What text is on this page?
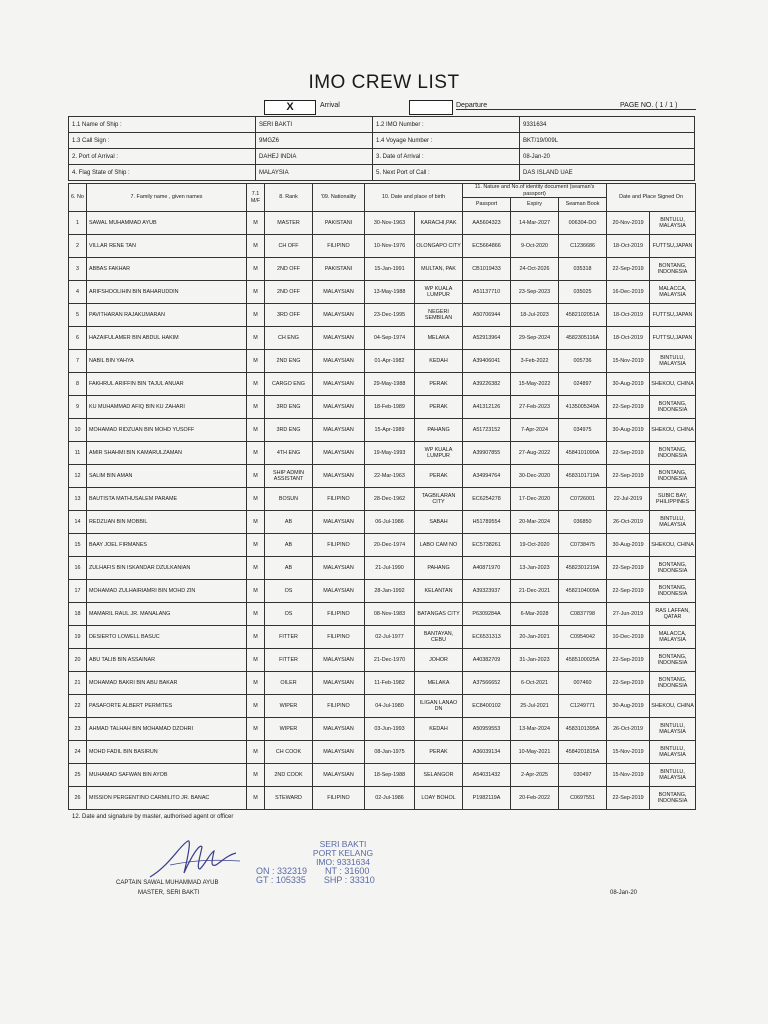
IMO CREW LIST
X	Arrival	Departure	PAGE NO. ( 1 / 1 )
1.1 Name of Ship :	SERI BAKTI	1.2 IMO Number :	9331634
1.3 Call Sign :	9MGZ6	1.4 Voyage Number :	BKT/19/009L
2. Port of Arrival :	DAHEJ INDIA	3. Date of Arrival :	08-Jan-20
4. Flag State of Ship :	MALAYSIA	5. Next Port of Call :	DAS ISLAND UAE
6. No	7. Family name , given names	7.1 M/F	8. Rank	'09. Nationality	10. Date and place of birth		11. Nature and No.of identity document (seaman's passport)			Date and Place Signed On	
							Passport	Expiry	Seaman Book		
1	SAWAL MUHAMMAD AYUB	M	MASTER	PAKISTANI	30-Nov-1963	KARACHI,PAK	AA5604323	14-Mar-2027	006304-DO	20-Nov-2019	BINTULU, MALAYSIA
2	VILLAR RENE TAN	M	CH OFF	FILIPINO	10-Nov-1976	OLONGAPO CITY	EC5664866	9-Oct-2020	C1236686	18-Oct-2019	FUTTSU,JAPAN
3	ABBAS FAKHAR	M	2ND OFF	PAKISTANI	15-Jan-1991	MULTAN, PAK	CB1019433	24-Oct-2026	035318	22-Sep-2019	BONTANG, INDONESIA
4	ARIFSHOOLIHIN BIN BAHARUDDIN	M	2ND OFF	MALAYSIAN	13-May-1988	WP KUALA LUMPUR	A51137710	23-Sep-2023	035025	16-Dec-2019	MALACCA, MALAYSIA
5	PAVITHARAN RAJAKUMARAN	M	3RD OFF	MALAYSIAN	23-Dec-1995	NEGERI SEMBILAN	A50706944	18-Jul-2023	4582102051A	18-Oct-2019	FUTTSU,JAPAN
6	HAZAIFULAMER BIN ABDUL HAKIM	M	CH ENG	MALAYSIAN	04-Sep-1974	MELAKA	A52913964	29-Sep-2024	4582305116A	18-Oct-2019	FUTTSU,JAPAN
7	NABIL BIN YAHYA	M	2ND ENG	MALAYSIAN	01-Apr-1982	KEDAH	A39406041	3-Feb-2022	005736	15-Nov-2019	BINTULU, MALAYSIA
8	FAKHRUL ARIFFIN BIN TAJUL ANUAR	M	CARGO ENG	MALAYSIAN	29-May-1988	PERAK	A39226382	15-May-2022	024897	30-Aug-2019	SHEKOU, CHINA
9	KU MUHAMMAD AFIQ BIN KU ZAHARI	M	3RD ENG	MALAYSIAN	18-Feb-1989	PERAK	A41312126	27-Feb-2023	4135005349A	22-Sep-2019	BONTANG, INDONESIA
10	MOHAMAD RIDZUAN BIN MOHD YUSOFF	M	3RD ENG	MALAYSIAN	15-Apr-1989	PAHANG	A51723152	7-Apr-2024	034975	30-Aug-2019	SHEKOU, CHINA
11	AMIR SHAHMI BIN KAMARULZAMAN	M	4TH ENG	MALAYSIAN	19-May-1993	WP KUALA LUMPUR	A39907855	27-Aug-2022	4584101090A	22-Sep-2019	BONTANG, INDONESIA
12	SALIM BIN AMAN	M	SHIP ADMIN ASSISTANT	MALAYSIAN	22-Mar-1963	PERAK	A34994764	30-Dec-2020	4583101719A	22-Sep-2019	BONTANG, INDONESIA
13	BAUTISTA MATHUSALEM PARAME	M	BOSUN	FILIPINO	28-Dec-1962	TAGBILARAN CITY	EC6254278	17-Dec-2020	C0726001	22-Jul-2019	SUBIC BAY, PHILIPPINES
14	REDZUAN BIN MOBBIL	M	AB	MALAYSIAN	06-Jul-1986	SABAH	H51789554	20-Mar-2024	036850	26-Oct-2019	BINTULU, MALAYSIA
15	BAAY JOEL FIRMANES	M	AB	FILIPINO	20-Dec-1974	LABO CAM NO	EC5738261	19-Oct-2020	C0738475	30-Aug-2019	SHEKOU, CHINA
16	ZULHAFIS BIN ISKANDAR DZULKANIAN	M	AB	MALAYSIAN	21-Jul-1990	PAHANG	A40871970	13-Jan-2023	4582301219A	22-Sep-2019	BONTANG, INDONESIA
17	MOHAMAD ZULHAIRIAMRI BIN MOHD ZIN	M	OS	MALAYSIAN	28-Jan-1992	KELANTAN	A39323937	21-Dec-2021	4582104009A	22-Sep-2019	BONTANG, INDONESIA
18	MAMARIL RAUL JR. MANALANG	M	OS	FILIPINO	08-Nov-1983	BATANGAS CITY	P6309284A	6-Mar-2028	C0837798	27-Jun-2019	RAS LAFFAN, QATAR
19	DESIERTO LOWELL BASUC	M	FITTER	FILIPINO	02-Jul-1977	BANTAYAN, CEBU	EC6531313	20-Jan-2021	C0954042	10-Dec-2019	MALACCA, MALAYSIA
20	ABU TALIB BIN ASSAINAR	M	FITTER	MALAYSIAN	21-Dec-1970	JOHOR	A40382709	31-Jan-2023	4585100025A	22-Sep-2019	BONTANG, INDONESIA
21	MOHAMAD BAKRI BIN ABU BAKAR	M	OILER	MALAYSIAN	11-Feb-1982	MELAKA	A37566652	6-Oct-2021	007460	22-Sep-2019	BONTANG, INDONESIA
22	PASAFORTE ALBERT PERMITES	M	WIPER	FILIPINO	04-Jul-1980	ILIGAN LANAO DN	EC8400102	25-Jul-2021	C1249771	30-Aug-2019	SHEKOU, CHINA
23	AHMAD TALHAH BIN MOHAMAD DZOHRI	M	WIPER	MALAYSIAN	03-Jun-1993	KEDAH	A50959553	13-Mar-2024	4583101395A	26-Oct-2019	BINTULU, MALAYSIA
24	MOHD FADIL BIN BASIRUN	M	CH COOK	MALAYSIAN	08-Jan-1975	PERAK	A36039134	10-May-2021	4584201815A	15-Nov-2019	BINTULU, MALAYSIA
25	MUHAMAD SAFWAN BIN AYOB	M	2ND COOK	MALAYSIAN	18-Sep-1988	SELANGOR	A54031432	2-Apr-2025	030497	15-Nov-2019	BINTULU, MALAYSIA
26	MISSION PERGENTINO CARMILITO JR. BANAC	M	STEWARD	FILIPINO	02-Jul-1986	LOAY BOHOL	P1982119A	20-Feb-2022	C0697551	22-Sep-2019	BONTANG, INDONESIA
12. Date and signature by master, authorised agent or officer
CAPTAIN SAWAL MUHAMMAD AYUB
MASTER, SERI BAKTI	08-Jan-20
SERI BAKTI
PORT KELANG
IMO: 9331634
ON : 332319 NT : 31600
GT : 105335 SHP : 33310
